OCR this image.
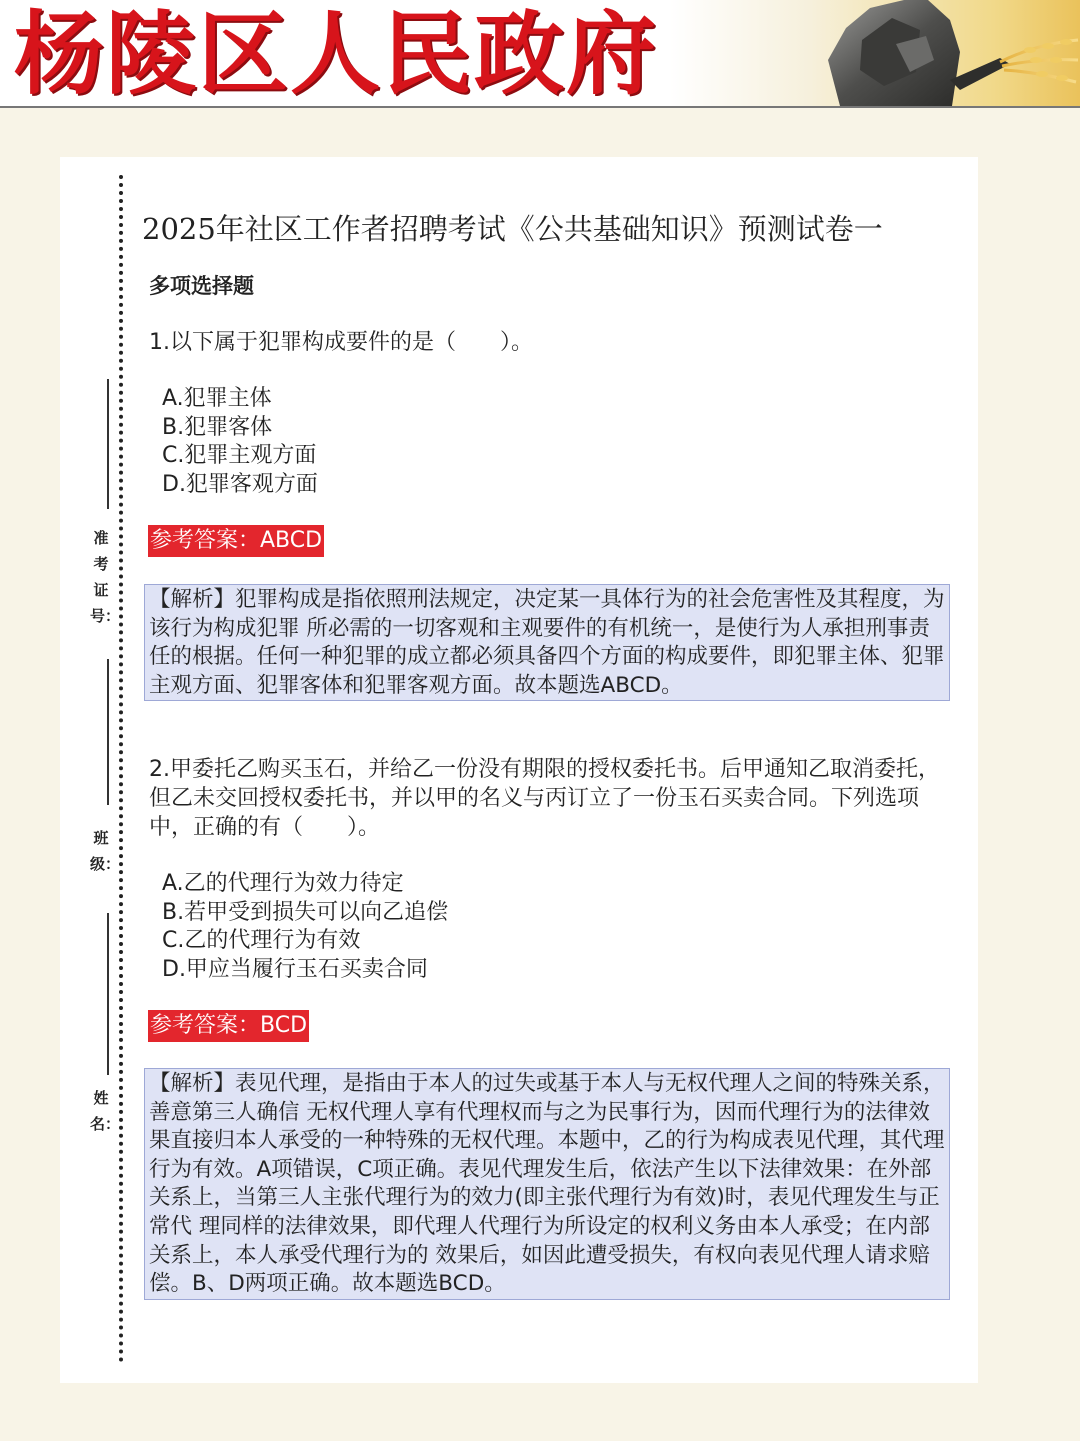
杨陵区人民政府
准考证号：
班级：
姓名：
2025年社区工作者招聘考试《公共基础知识》预测试卷一
多项选择题
1.以下属于犯罪构成要件的是（　　）。
A.犯罪主体
B.犯罪客体
C.犯罪主观方面
D.犯罪客观方面
参考答案：ABCD
【解析】犯罪构成是指依照刑法规定，决定某一具体行为的社会危害性及其程度，为该行为构成犯罪 所必需的一切客观和主观要件的有机统一，是使行为人承担刑事责任的根据。任何一种犯罪的成立都必须具备四个方面的构成要件，即犯罪主体、犯罪主观方面、犯罪客体和犯罪客观方面。故本题选ABCD。
2.甲委托乙购买玉石，并给乙一份没有期限的授权委托书。后甲通知乙取消委托，但乙未交回授权委托书，并以甲的名义与丙订立了一份玉石买卖合同。下列选项中，正确的有（　　）。
A.乙的代理行为效力待定
B.若甲受到损失可以向乙追偿
C.乙的代理行为有效
D.甲应当履行玉石买卖合同
参考答案：BCD
【解析】表见代理，是指由于本人的过失或基于本人与无权代理人之间的特殊关系，善意第三人确信 无权代理人享有代理权而与之为民事行为，因而代理行为的法律效果直接归本人承受的一种特殊的无权代理。本题中，乙的行为构成表见代理，其代理行为有效。A项错误，C项正确。表见代理发生后，依法产生以下法律效果：在外部关系上，当第三人主张代理行为的效力(即主张代理行为有效)时，表见代理发生与正常代 理同样的法律效果，即代理人代理行为所设定的权利义务由本人承受；在内部关系上，本人承受代理行为的 效果后，如因此遭受损失，有权向表见代理人请求赔偿。B、D两项正确。故本题选BCD。
